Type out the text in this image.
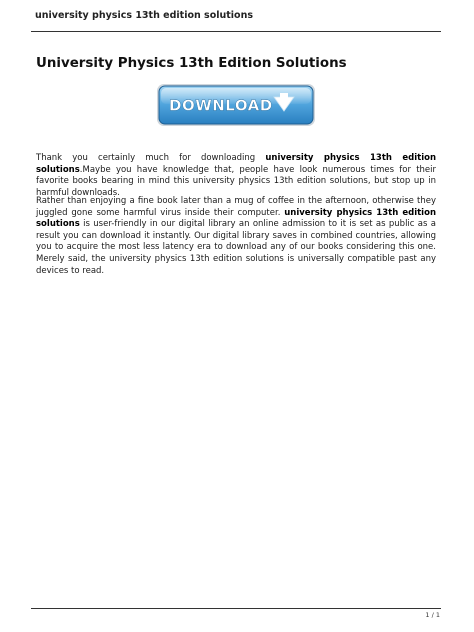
university physics 13th edition solutions
University Physics 13th Edition Solutions
DOWNLOAD

Thank you certainly much for downloading university physics 13th edition solutions.Maybe you have knowledge that, people have look numerous times for their favorite books bearing in mind this university physics 13th edition solutions, but stop up in harmful downloads.

Rather than enjoying a fine book later than a mug of coffee in the afternoon, otherwise they juggled gone some harmful virus inside their computer. university physics 13th edition solutions is user-friendly in our digital library an online admission to it is set as public as a result you can download it instantly. Our digital library saves in combined countries, allowing you to acquire the most less latency era to download any of our books considering this one. Merely said, the university physics 13th edition solutions is universally compatible past any devices to read.

1 / 1
